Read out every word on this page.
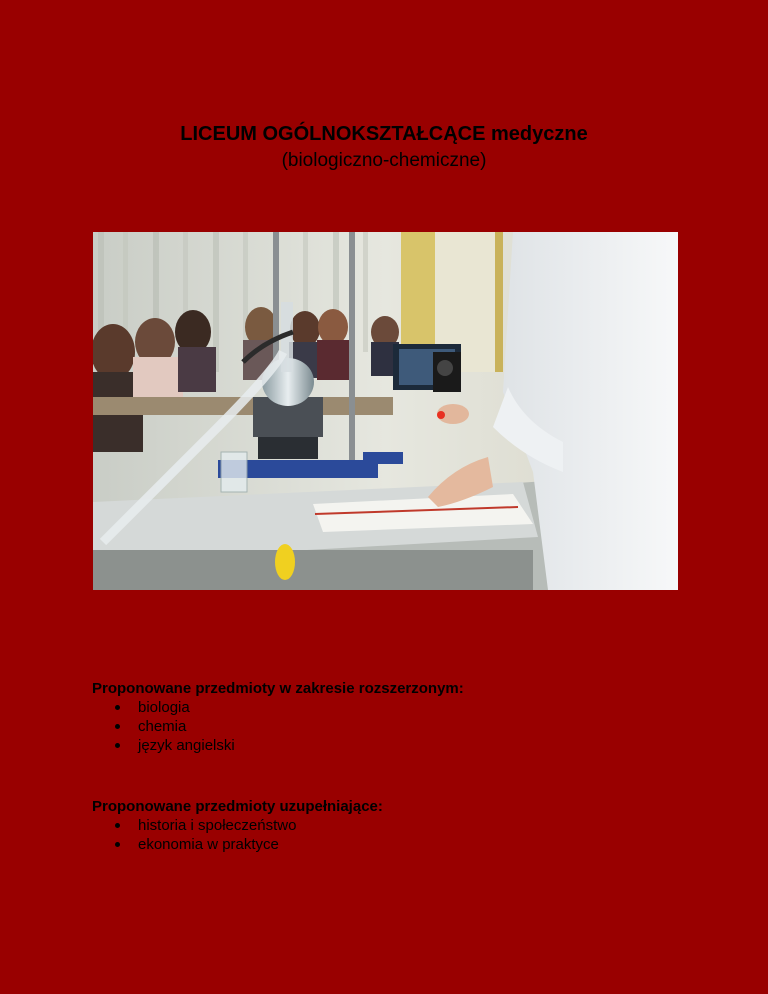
LICEUM OGÓLNOKSZTAŁCĄCE medyczne

(biologiczno-chemiczne)

Proponowane przedmioty w zakresie rozszerzonym:

biologia
chemia
język angielski

Proponowane przedmioty uzupełniające:

historia i społeczeństwo
ekonomia w praktyce
